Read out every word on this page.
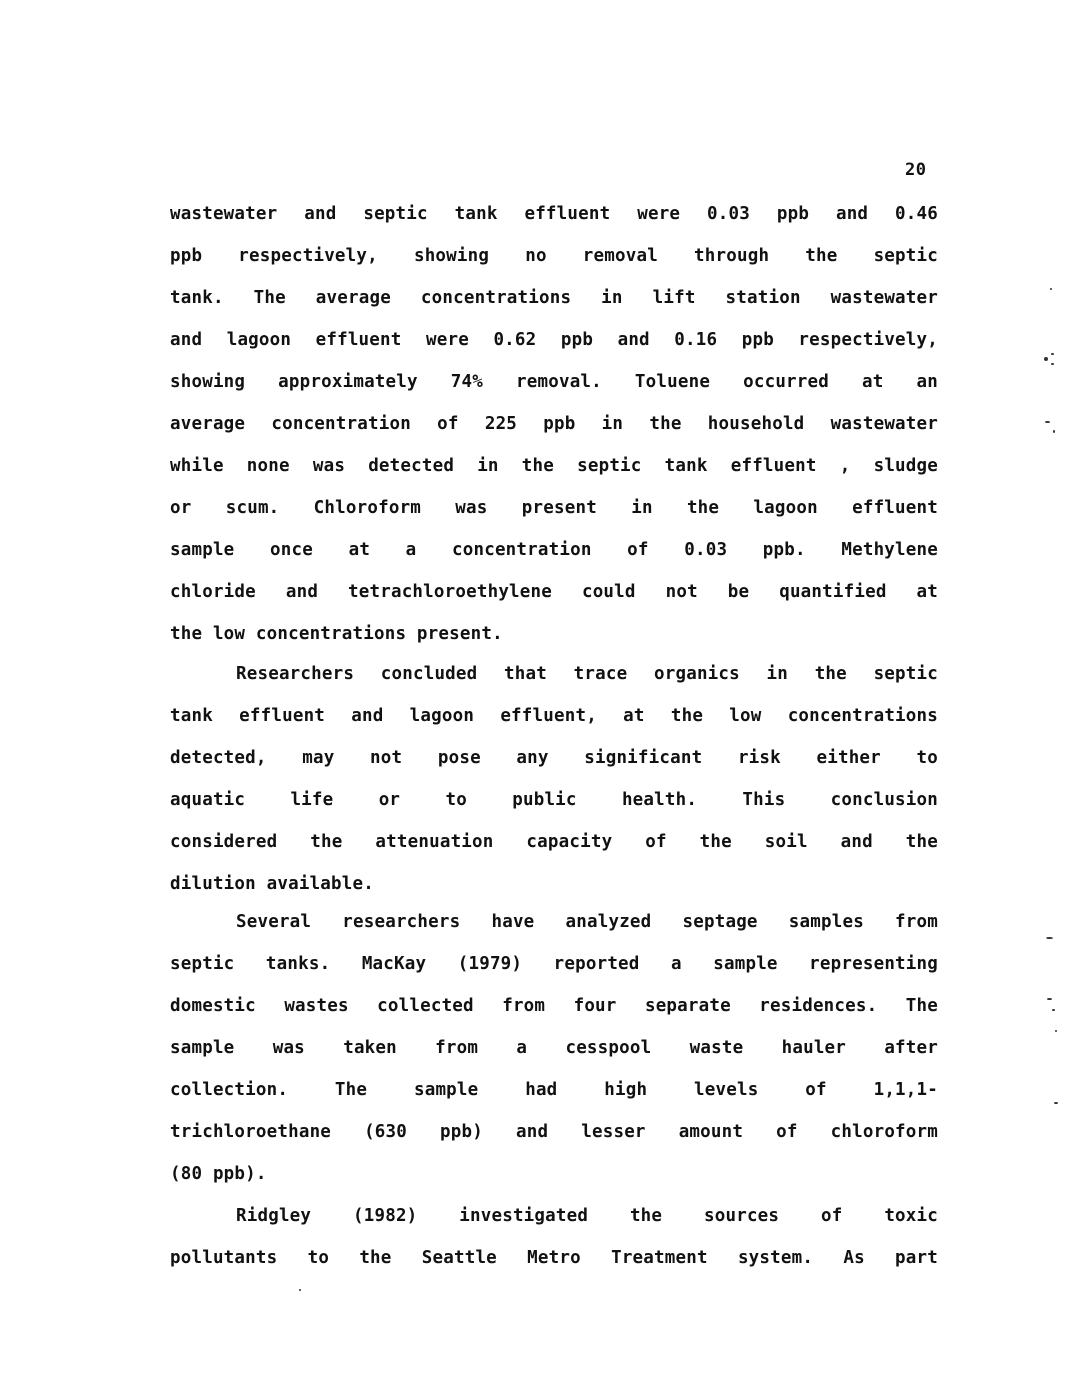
20
wastewater and septic tank effluent were 0.03 ppb and 0.46
ppb respectively, showing no removal through the septic
tank. The average concentrations in lift station wastewater
and lagoon effluent were 0.62 ppb and 0.16 ppb respectively,
showing approximately 74% removal. Toluene occurred at an
average concentration of 225 ppb in the household wastewater
while none was detected in the septic tank effluent , sludge
or scum. Chloroform was present in the lagoon effluent
sample once at a concentration of 0.03 ppb. Methylene
chloride and tetrachloroethylene could not be quantified at
the low concentrations present.
Researchers concluded that trace organics in the septic
tank effluent and lagoon effluent, at the low concentrations
detected, may not pose any significant risk either to
aquatic life or to public health. This conclusion
considered the attenuation capacity of the soil and the
dilution available.
Several researchers have analyzed septage samples from
septic tanks. MacKay (1979) reported a sample representing
domestic wastes collected from four separate residences. The
sample was taken from a cesspool waste hauler after
collection. The sample had high levels of 1,1,1-
trichloroethane (630 ppb) and lesser amount of chloroform
(80 ppb).
Ridgley (1982) investigated the sources of toxic
pollutants to the Seattle Metro Treatment system. As part
